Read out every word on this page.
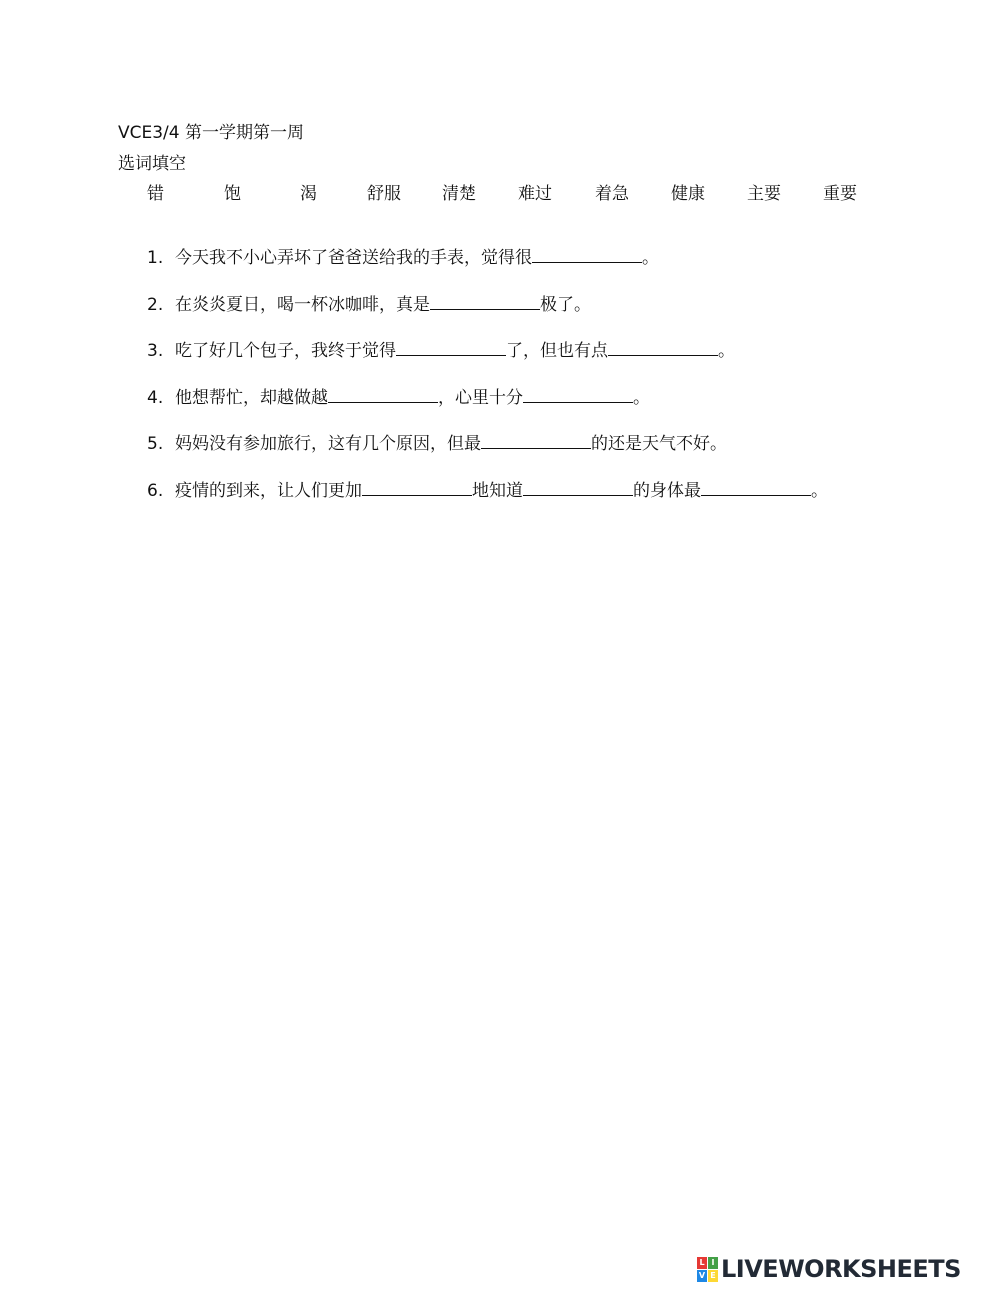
VCE3/4 第一学期第一周
选词填空
错	饱	渴	舒服 清楚 难过	着急 健康 主要 重要
1. 今天我不小心弄坏了爸爸送给我的手表，觉得很	。
2. 在炎炎夏日，喝一杯冰咖啡，真是	极了。
3. 吃了好几个包子，我终于觉得	了，但也有点	。
4. 他想帮忙，却越做越	，心里十分	。
5. 妈妈没有参加旅行，这有几个原因，但最	的还是天气不好。
6. 疫情的到来，让人们更加	地知道	的身体最	。
L I
V E LIVEWORKSHEETS
